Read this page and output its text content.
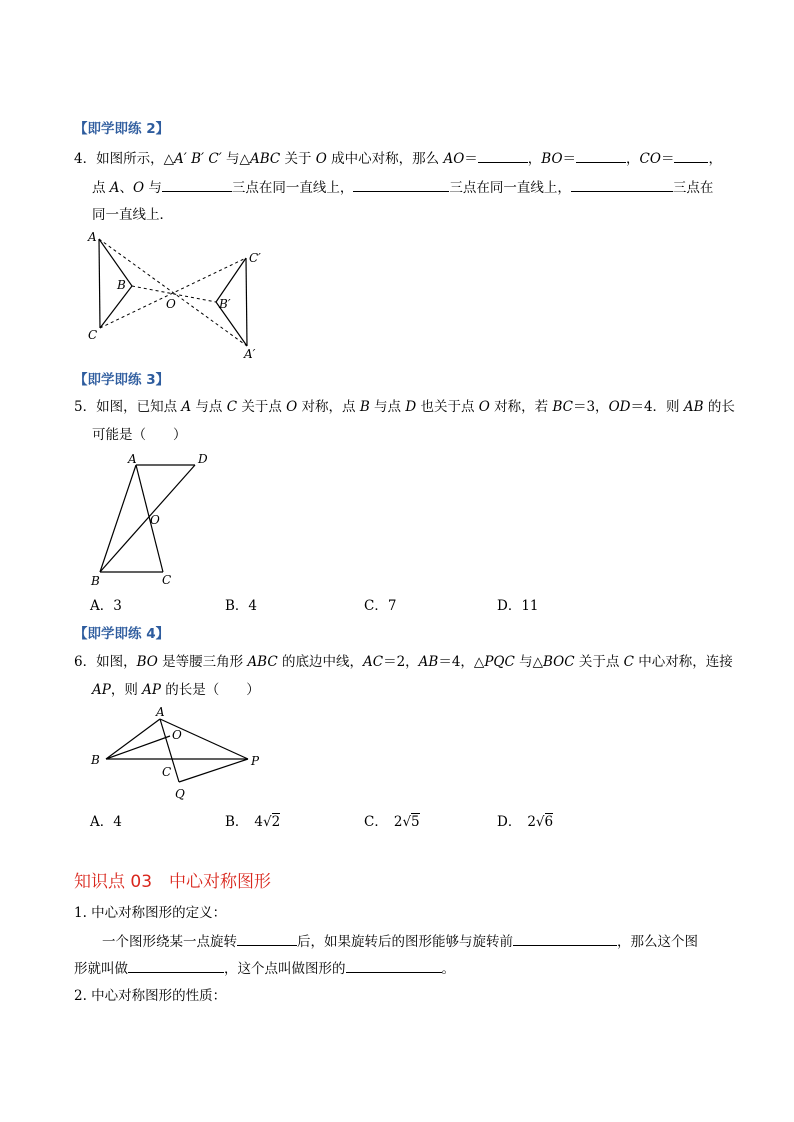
【即学即练 2】
4．如图所示，△A′ B′ C′ 与△ABC 关于 O 成中心对称，那么 AO＝	，BO＝	，CO＝	，
点 A、O 与	三点在同一直线上，	三点在同一直线上，	三点在
同一直线上．
A
B
C
O	B′
C′
A′
【即学即练 3】
5．如图，已知点 A 与点 C 关于点 O 对称，点 B 与点 D 也关于点 O 对称，若 BC＝3，OD＝4．则 AB 的长
可能是（　　）
A	D
O
B	C
A．3	B．4	C．7	D．11
【即学即练 4】
6．如图，BO 是等腰三角形 ABC 的底边中线，AC＝2，AB＝4，△PQC 与△BOC 关于点 C 中心对称，连接
AP，则 AP 的长是（　　）
A
O
B
C
P
Q
A．4	B． 4√2	C． 2√5	D． 2√6
知识点 03　中心对称图形
1. 中心对称图形的定义：
一个图形绕某一点旋转	后，如果旋转后的图形能够与旋转前	，那么这个图
形就叫做	，这个点叫做图形的	。
2. 中心对称图形的性质：
